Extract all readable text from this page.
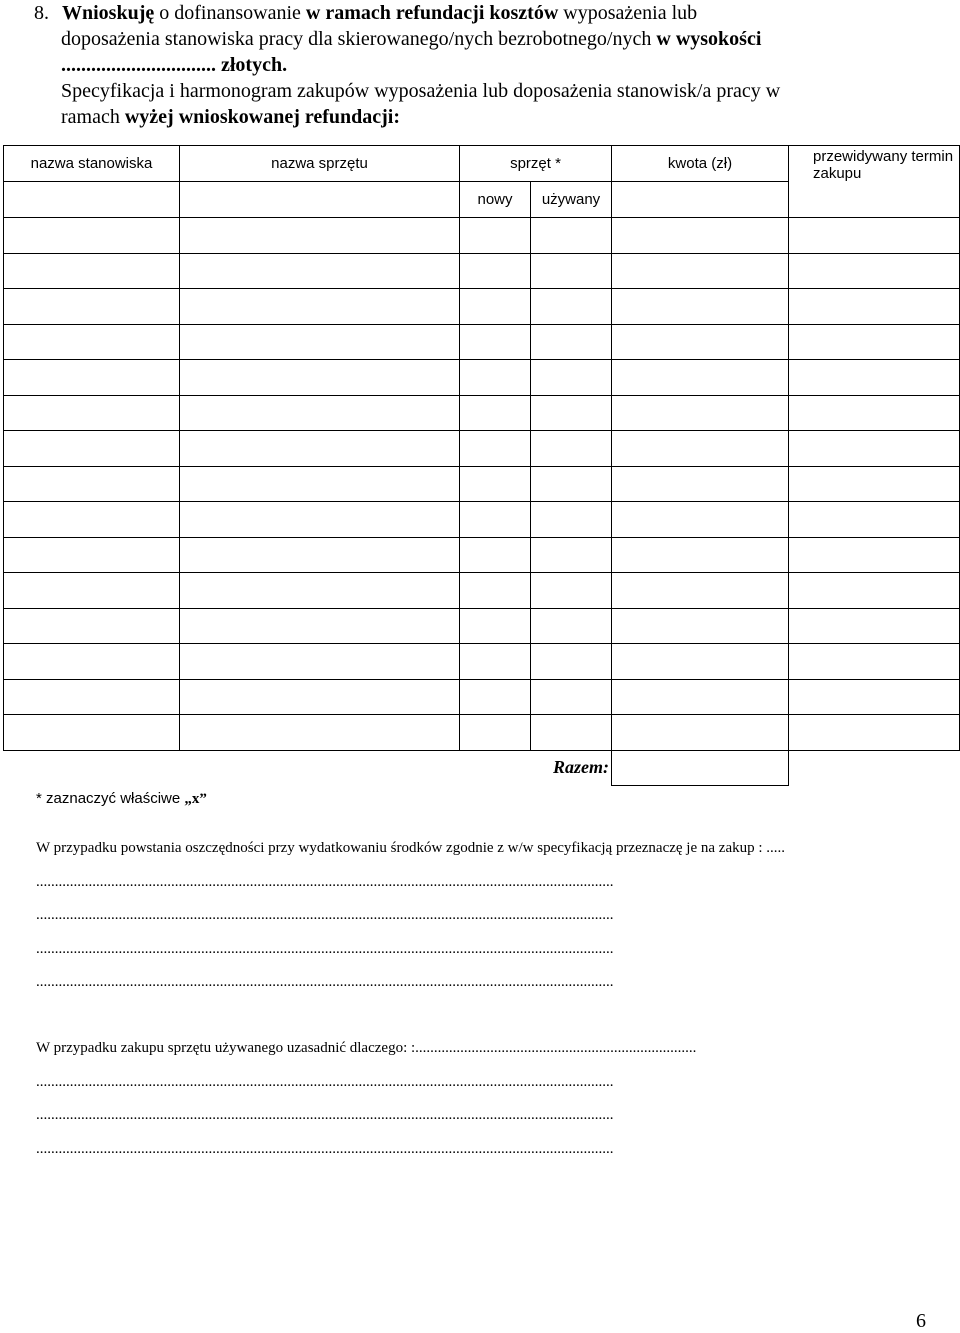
8. Wnioskuję o dofinansowanie w ramach refundacji kosztów wyposażenia lub
doposażenia stanowiska pracy dla skierowanego/nych bezrobotnego/nych w wysokości
............................... złotych.
Specyfikacja i harmonogram zakupów wyposażenia lub doposażenia stanowisk/a pracy w
ramach wyżej wnioskowanej refundacji:
nazwa stanowiska	nazwa sprzętu	sprzęt *		kwota (zł)	przewidywany termin zakupu
		nowy	używany		

Razem:					
* zaznaczyć właściwe „x”
W przypadku powstania oszczędności przy wydatkowaniu środków zgodnie z w/w specyfikacją przeznaczę je na zakup : .....
..........................................................................................................................................................
..........................................................................................................................................................
..........................................................................................................................................................
..........................................................................................................................................................
W przypadku zakupu sprzętu używanego uzasadnić dlaczego: :...........................................................................
..........................................................................................................................................................
..........................................................................................................................................................
..........................................................................................................................................................
6
